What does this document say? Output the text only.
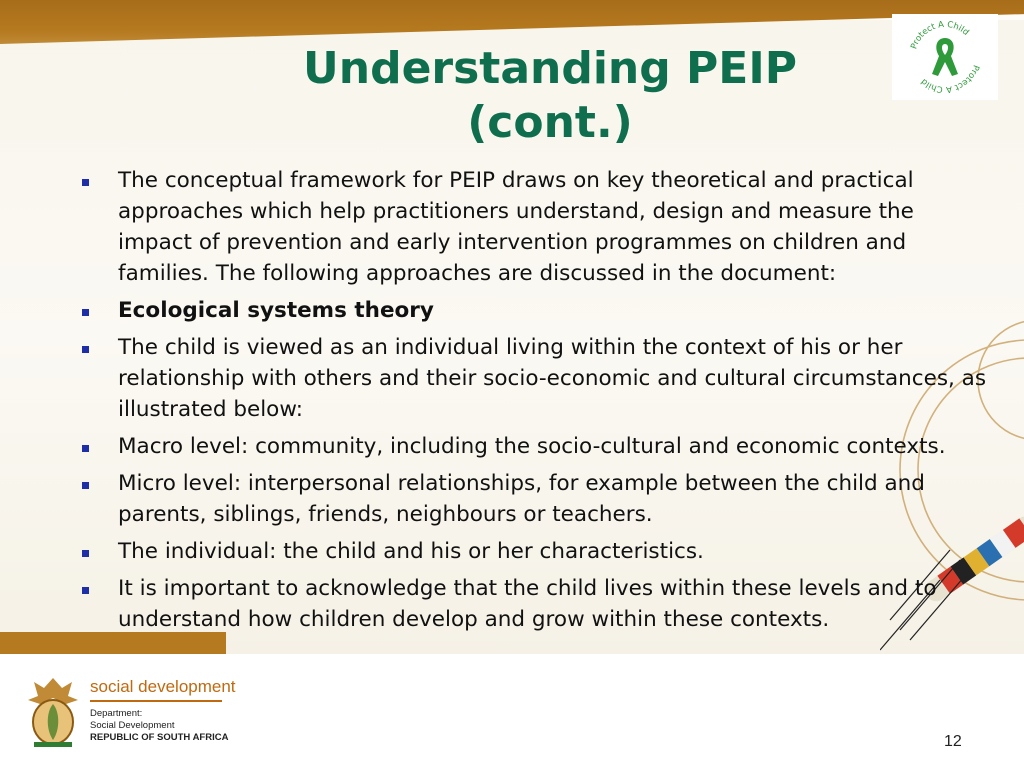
Understanding PEIP
(cont.)
Protect A Child
Protect A Child
The conceptual framework for PEIP draws on key theoretical and practical approaches which help practitioners understand, design and measure the impact of prevention and early intervention programmes on children and families. The following approaches are discussed in the document:
Ecological systems theory
The child is viewed as an individual living within the context of his or her relationship with others and their socio-economic and cultural circumstances, as illustrated below:
Macro level: community, including the socio-cultural and economic contexts.
Micro level: interpersonal relationships, for example between the child and parents, siblings, friends, neighbours or teachers.
The individual: the child and his or her characteristics.
It is important to acknowledge that the child lives within these levels and to understand how children develop and grow within these contexts.
social development
Department:
Social Development
REPUBLIC OF SOUTH AFRICA	12
